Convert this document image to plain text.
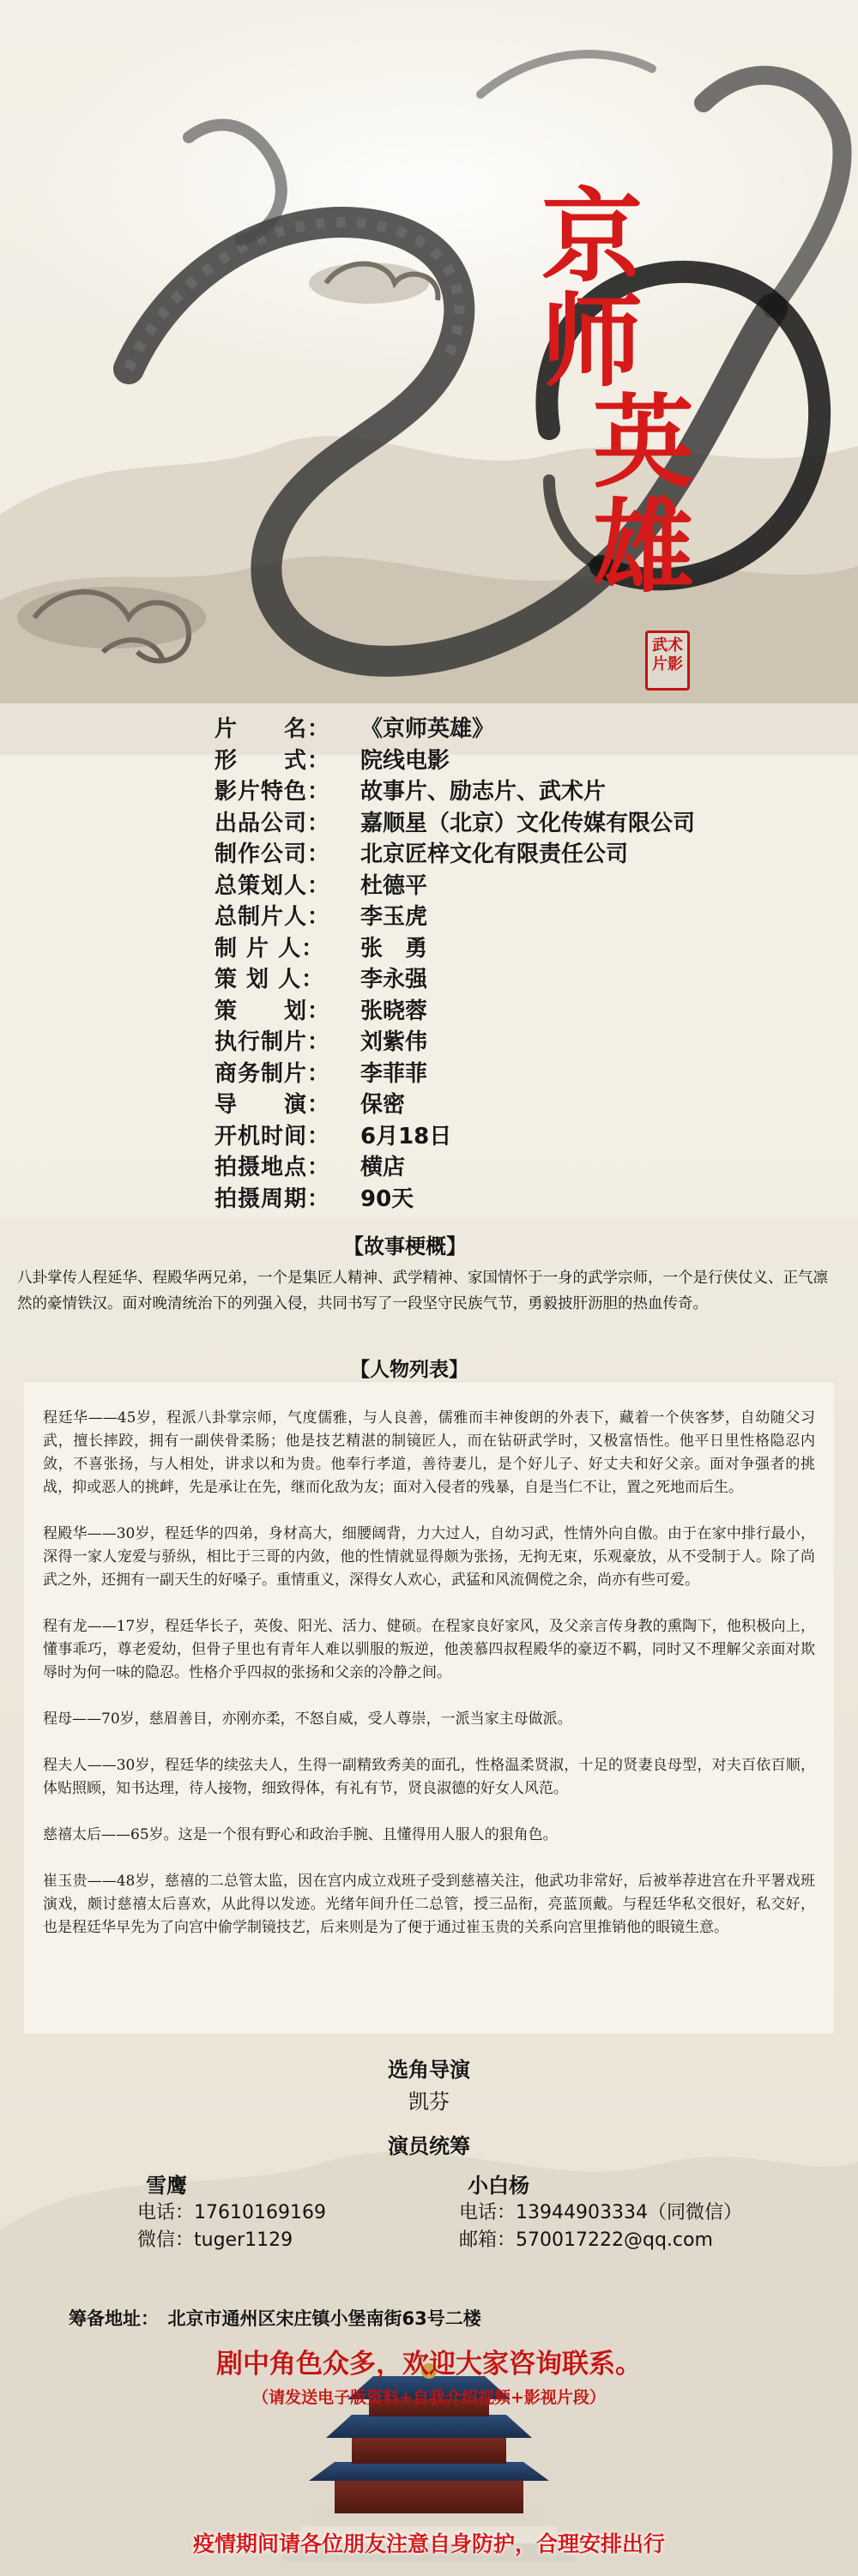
京
师
英
雄
武术 片影
片　　名： 《京师英雄》
形　　式： 院线电影
影片特色： 故事片、励志片、武术片
出品公司： 嘉顺星（北京）文化传媒有限公司
制作公司： 北京匠梓文化有限责任公司
总策划人： 杜德平
总制片人： 李玉虎
制 片 人： 张　勇
策 划 人： 李永强
策　　划： 张晓蓉
执行制片： 刘紫伟
商务制片： 李菲菲
导　　演： 保密
开机时间： 6月18日
拍摄地点： 横店
拍摄周期： 90天
【故事梗概】
八卦掌传人程延华、程殿华两兄弟，一个是集匠人精神、武学精神、家国情怀于一身的武学宗师，一个是行侠仗义、正气凛然的豪情铁汉。面对晚清统治下的列强入侵，共同书写了一段坚守民族气节，勇毅披肝沥胆的热血传奇。
【人物列表】
程廷华——45岁，程派八卦掌宗师，气度儒雅，与人良善，儒雅而丰神俊朗的外表下，藏着一个侠客梦，自幼随父习武，擅长摔跤，拥有一副侠骨柔肠；他是技艺精湛的制镜匠人，而在钻研武学时，又极富悟性。他平日里性格隐忍内敛，不喜张扬，与人相处，讲求以和为贵。他奉行孝道，善待妻儿，是个好儿子、好丈夫和好父亲。面对争强者的挑战，抑或恶人的挑衅，先是承让在先，继而化敌为友；面对入侵者的残暴，自是当仁不让，置之死地而后生。
程殿华——30岁，程廷华的四弟，身材高大，细腰阔背，力大过人，自幼习武，性情外向自傲。由于在家中排行最小，深得一家人宠爱与骄纵，相比于三哥的内敛，他的性情就显得颇为张扬，无拘无束，乐观豪放，从不受制于人。除了尚武之外，还拥有一副天生的好嗓子。重情重义，深得女人欢心，武猛和风流倜傥之余，尚亦有些可爱。
程有龙——17岁，程廷华长子，英俊、阳光、活力、健硕。在程家良好家风，及父亲言传身教的熏陶下，他积极向上，懂事乖巧，尊老爱幼，但骨子里也有青年人难以驯服的叛逆，他羡慕四叔程殿华的豪迈不羁，同时又不理解父亲面对欺辱时为何一味的隐忍。性格介乎四叔的张扬和父亲的冷静之间。
程母——70岁，慈眉善目，亦刚亦柔，不怒自威，受人尊崇，一派当家主母做派。
程夫人——30岁，程廷华的续弦夫人，生得一副精致秀美的面孔，性格温柔贤淑，十足的贤妻良母型，对夫百依百顺，体贴照顾，知书达理，待人接物，细致得体，有礼有节，贤良淑德的好女人风范。
慈禧太后——65岁。这是一个很有野心和政治手腕、且懂得用人服人的狠角色。
崔玉贵——48岁，慈禧的二总管太监，因在宫内成立戏班子受到慈禧关注，他武功非常好，后被举荐进宫在升平署戏班演戏，颇讨慈禧太后喜欢，从此得以发迹。光绪年间升任二总管，授三品衔，亮蓝顶戴。与程廷华私交很好，私交好，也是程廷华早先为了向宫中偷学制镜技艺，后来则是为了便于通过崔玉贵的关系向宫里推销他的眼镜生意。
选角导演
凯芬
演员统筹
雪鹰
电话：17610169169
微信：tuger1129
小白杨
电话：13944903334（同微信）
邮箱：570017222@qq.com
筹备地址：　北京市通州区宋庄镇小堡南街63号二楼
剧中角色众多，欢迎大家咨询联系。
（请发送电子版资料+自我介绍视频+影视片段）
疫情期间请各位朋友注意自身防护，合理安排出行
